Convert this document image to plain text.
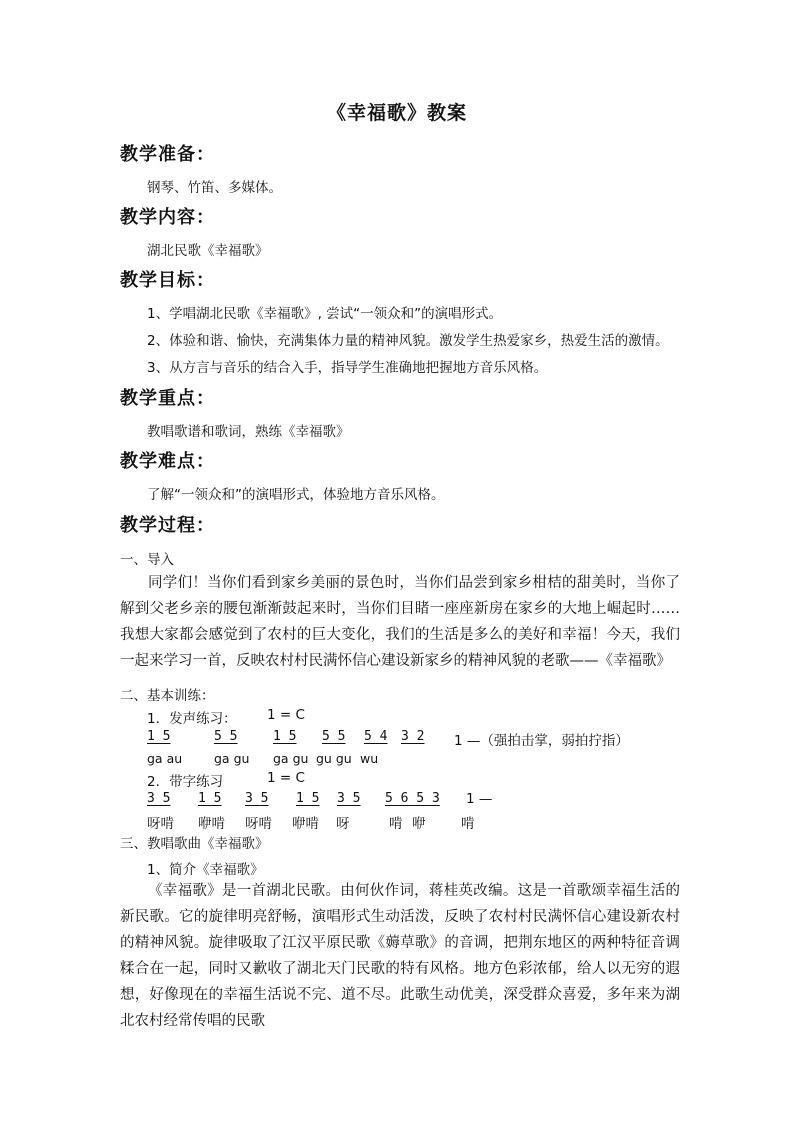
《幸福歌》教案
教学准备：
钢琴、竹笛、多媒体。
教学内容：
湖北民歌《幸福歌》
教学目标：
1、学唱湖北民歌《幸福歌》, 尝试“一领众和”的演唱形式。
2、体验和谐、愉快，充满集体力量的精神风貌。激发学生热爱家乡，热爱生活的激情。
3、从方言与音乐的结合入手，指导学生准确地把握地方音乐风格。
教学重点：
教唱歌谱和歌词，熟练《幸福歌》
教学难点：
了解“一领众和”的演唱形式，体验地方音乐风格。
教学过程：
一、导入
同学们！当你们看到家乡美丽的景色时，当你们品尝到家乡柑桔的甜美时，当你了解到父老乡亲的腰包渐渐鼓起来时，当你们目睹一座座新房在家乡的大地上崛起时……我想大家都会感觉到了农村的巨大变化，我们的生活是多么的美好和幸福！今天，我们一起来学习一首，反映农村村民满怀信心建设新家乡的精神风貌的老歌——《幸福歌》
二、基本训练：
1．发声练习： 1 = C
1 5	5 5	1 5 5 5 5 4 3 2 1 —（强拍击掌，弱拍拧指）
ga au	ga gu ga gu gu gu wu
2．带字练习	1 = C
3 5 1 5 3 5 1 5 3 5 5 6 5 3 1 —
呀啃 咿啃 呀啃 咿啃 呀	啃 咿	啃
三、教唱歌曲《幸福歌》
1、简介《幸福歌》
《幸福歌》是一首湖北民歌。由何伙作词，蒋桂英改编。这是一首歌颂幸福生活的新民歌。它的旋律明亮舒畅，演唱形式生动活泼，反映了农村村民满怀信心建设新农村的精神风貌。旋律吸取了江汉平原民歌《薅草歌》的音调，把荆东地区的两种特征音调糅合在一起，同时又歉收了湖北天门民歌的特有风格。地方色彩浓郁，给人以无穷的遐想，好像现在的幸福生活说不完、道不尽。此歌生动优美，深受群众喜爱，多年来为湖北农村经常传唱的民歌
